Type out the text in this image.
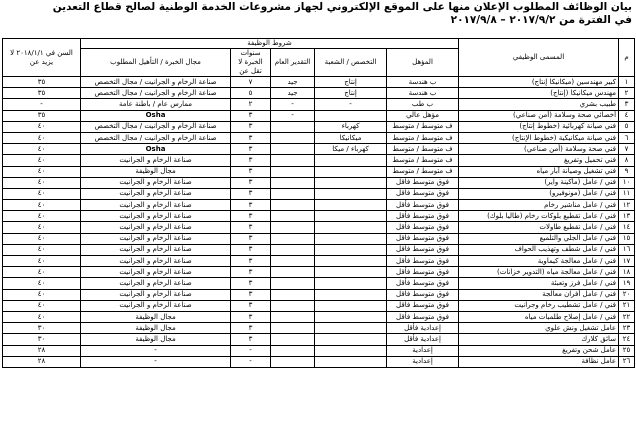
بيان الوظائف المطلوب الإعلان منها على الموقع الإلكتروني لجهاز مشروعات الخدمة الوطنية لصالح قطاع التعدين
في الفترة من ٢٠١٧/٩/٢ – ٢٠١٧/٩/٨
م	المسمى الوظيفي	شروط الوظيفة					السن في ٢٠١٨/١/١ لا يزيد عن
		المؤهل	التخصص / الشعبة	التقدير العام	سنوات الخبرة لا تقل عن	مجال الخبرة / التأهيل المطلوب	
١	كبير مهندسين (ميكانيكا إنتاج)	ب هندسة	إنتاج	جيد	٧	صناعة الرخام و الجرانيت / مجال التخصص	٣٥
٢	مهندس ميكانيكا (إنتاج)	ب هندسة	إنتاج	جيد	٥	صناعة الرخام و الجرانيت / مجال التخصص	٣٥
٣	طبيب بشري	ب طب	-	-	٢	ممارس عام / باطنة عامة	-
٤	أخصائي صحة وسلامة (أمن صناعي)	مؤهل عالي		-	٣	Osha	٣٥
٥	فني صيانة كهربائية (خطوط إنتاج)	ف متوسط / متوسط	كهرباء		٣	صناعة الرخام و الجرانيت / مجال التخصص	٤٠
٦	فني صيانة ميكانيكية (خطوط الإنتاج)	ف متوسط / متوسط	ميكانيكا		٣	صناعة الرخام و الجرانيت / مجال التخصص	٤٠
٧	فني صحة وسلامة (أمن صناعي)	ف متوسط / متوسط	كهرباء / ميكا		٣	Osha	٤٠
٨	فني تحميل وتفريغ	ف متوسط / متوسط			٣	صناعة الرخام و الجرانيت	٤٠
٩	فني تشغيل وصيانة آبار مياه	ف متوسط / متوسط			٣	مجال الوظيفة	٤٠
١٠	فني / عامل (ماكينة واير)	فوق متوسط فأقل			٣	صناعة الرخام و الجرانيت	٤٠
١١	فني / عامل (مونوفيرو)	فوق متوسط فأقل			٣	صناعة الرخام و الجرانيت	٤٠
١٢	فني / عامل مناشير رخام	فوق متوسط فأقل			٣	صناعة الرخام و الجرانيت	٤٠
١٣	فني / عامل تقطيع بلوكات رخام (طاليا بلوك)	فوق متوسط فأقل			٣	صناعة الرخام و الجرانيت	٤٠
١٤	فني / عامل تقطيع طاولات	فوق متوسط فأقل			٣	صناعة الرخام و الجرانيت	٤٠
١٥	فني / عامل الجلي والتلميع	فوق متوسط فأقل			٣	صناعة الرخام و الجرانيت	٤٠
١٦	فني / عامل شطف وتهذيب الحواف	فوق متوسط فأقل			٣	صناعة الرخام و الجرانيت	٤٠
١٧	فني / عامل معالجة كيماوية	فوق متوسط فأقل			٣	صناعة الرخام و الجرانيت	٤٠
١٨	فني / عامل معالجة مياه (التدوير خزانات)	فوق متوسط فأقل			٣	صناعة الرخام و الجرانيت	٤٠
١٩	فني / عامل فرز وتعبئة	فوق متوسط فأقل			٣	صناعة الرخام و الجرانيت	٤٠
٢٠	فني / عامل أفران معالجة	فوق متوسط فأقل			٣	صناعة الرخام و الجرانيت	٤٠
٢١	فني / عامل تشطيب رخام وجرانيت	فوق متوسط فأقل			٣	صناعة الرخام و الجرانيت	٤٠
٢٢	فني / عامل إصلاح طلمبات مياه	فوق متوسط فأقل			٣	مجال الوظيفة	٤٠
٢٣	عامل تشغيل ونش علوي	إعدادية فأقل			٣	مجال الوظيفة	٣٠
٢٤	سائق كلارك	إعدادية فأقل			٣	مجال الوظيفة	٣٠
٢٥	عامل شحن وتفريغ	إعدادية			-	-	٢٨
٢٦	عامل نظافة	إعدادية			-	-	٢٨
